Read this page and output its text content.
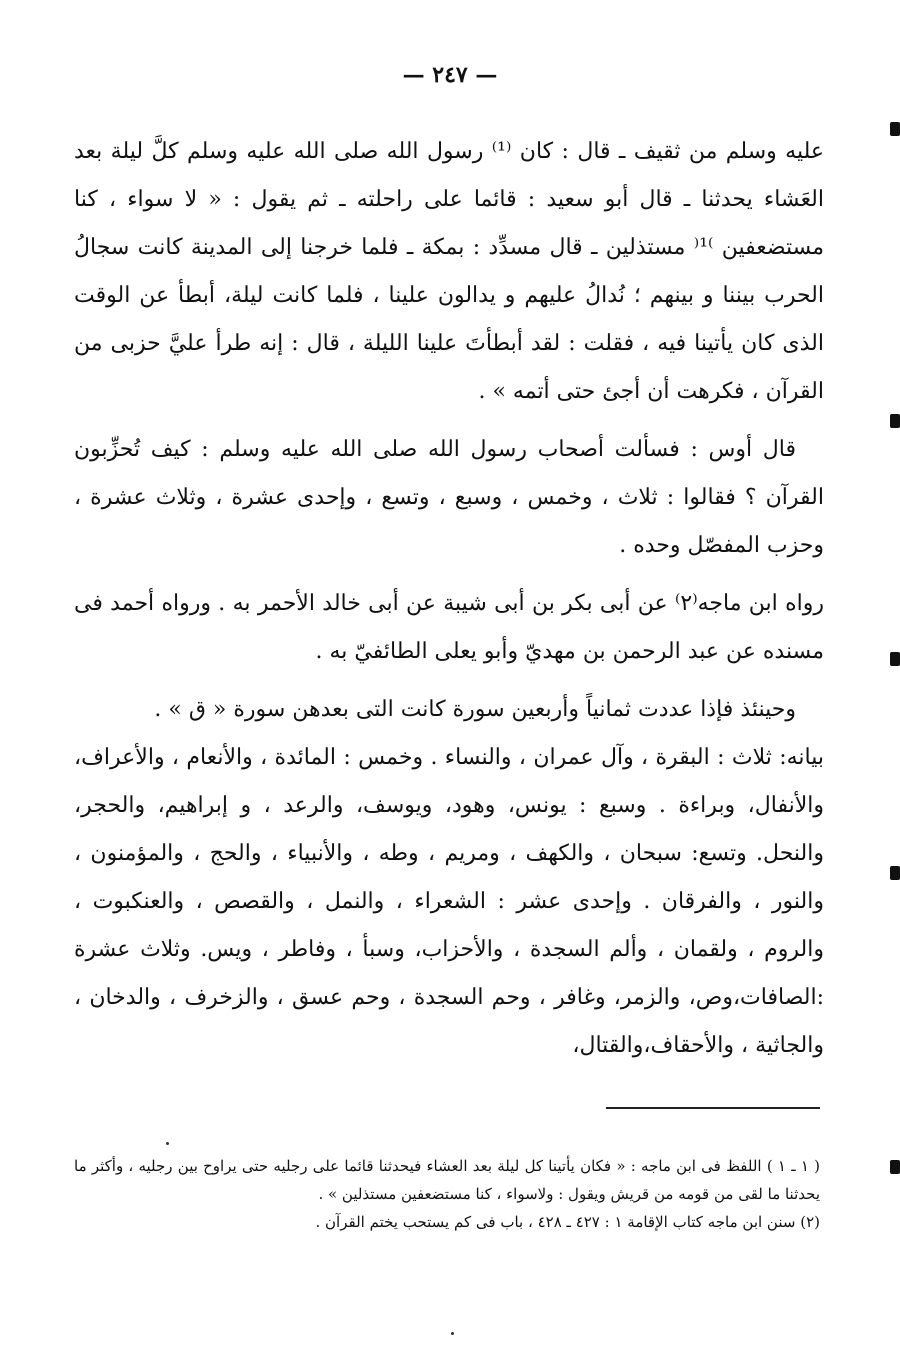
— ٢٤٧ —

عليه وسلم من ثقيف ـ قال : كان ⁽¹⁾ رسول الله صلى الله عليه وسلم كلَّ ليلة بعد العَشاء يحدثنا ـ قال أبو سعيد : قائما على راحلته ـ ثم يقول : « لا سواء ، كنا مستضعفين ⁾¹⁽ مستذلين ـ قال مسدِّد : بمكة ـ فلما خرجنا إلى المدينة كانت سجالُ الحرب بيننا و بينهم ؛ نُدالُ عليهم و يدالون علينا ، فلما كانت ليلة، أبطأ عن الوقت الذى كان يأتينا فيه ، فقلت : لقد أبطأتَ علينا الليلة ، قال : إنه طرأ عليَّ حزبى من القرآن ، فكرهت أن أجئ حتى أتمه » .

قال أوس : فسألت أصحاب رسول الله صلى الله عليه وسلم : كيف تُحزِّبون القرآن ؟ فقالوا : ثلاث ، وخمس ، وسبع ، وتسع ، وإحدى عشرة ، وثلاث عشرة ، وحزب المفصّل وحده .

رواه ابن ماجه⁽٢⁾ عن أبى بكر بن أبى شيبة عن أبى خالد الأحمر به . ورواه أحمد فى مسنده عن عبد الرحمن بن مهديّ وأبو يعلى الطائفيّ به .

وحينئذ فإذا عددت ثمانياً وأربعين سورة كانت التى بعدهن سورة « ق » .

بيانه: ثلاث : البقرة ، وآل عمران ، والنساء . وخمس : المائدة ، والأنعام ، والأعراف، والأنفال، وبراءة . وسبع : يونس، وهود، ويوسف، والرعد ، و إبراهيم، والحجر، والنحل. وتسع: سبحان ، والكهف ، ومريم ، وطه ، والأنبياء ، والحج ، والمؤمنون ، والنور ، والفرقان . وإحدى عشر : الشعراء ، والنمل ، والقصص ، والعنكبوت ، والروم ، ولقمان ، وألم السجدة ، والأحزاب، وسبأ ، وفاطر ، ويس. وثلاث عشرة :الصافات،وص، والزمر، وغافر ، وحم السجدة ، وحم عسق ، والزخرف ، والدخان ، والجاثية ، والأحقاف،والقتال،

( ١ ـ ١ ) اللفظ فى ابن ماجه : « فكان يأتينا كل ليلة بعد العشاء فيحدثنا قائما على رجليه حتى يراوح بين رجليه ، وأكثر ما يحدثنا ما لقى من قومه من قريش ويقول : ولاسواء ، كنا مستضعفين مستذلين » .

(٢) سنن ابن ماجه كتاب الإقامة ١ : ٤٢٧ ـ ٤٢٨ ، باب فى كم يستحب يختم القرآن .
